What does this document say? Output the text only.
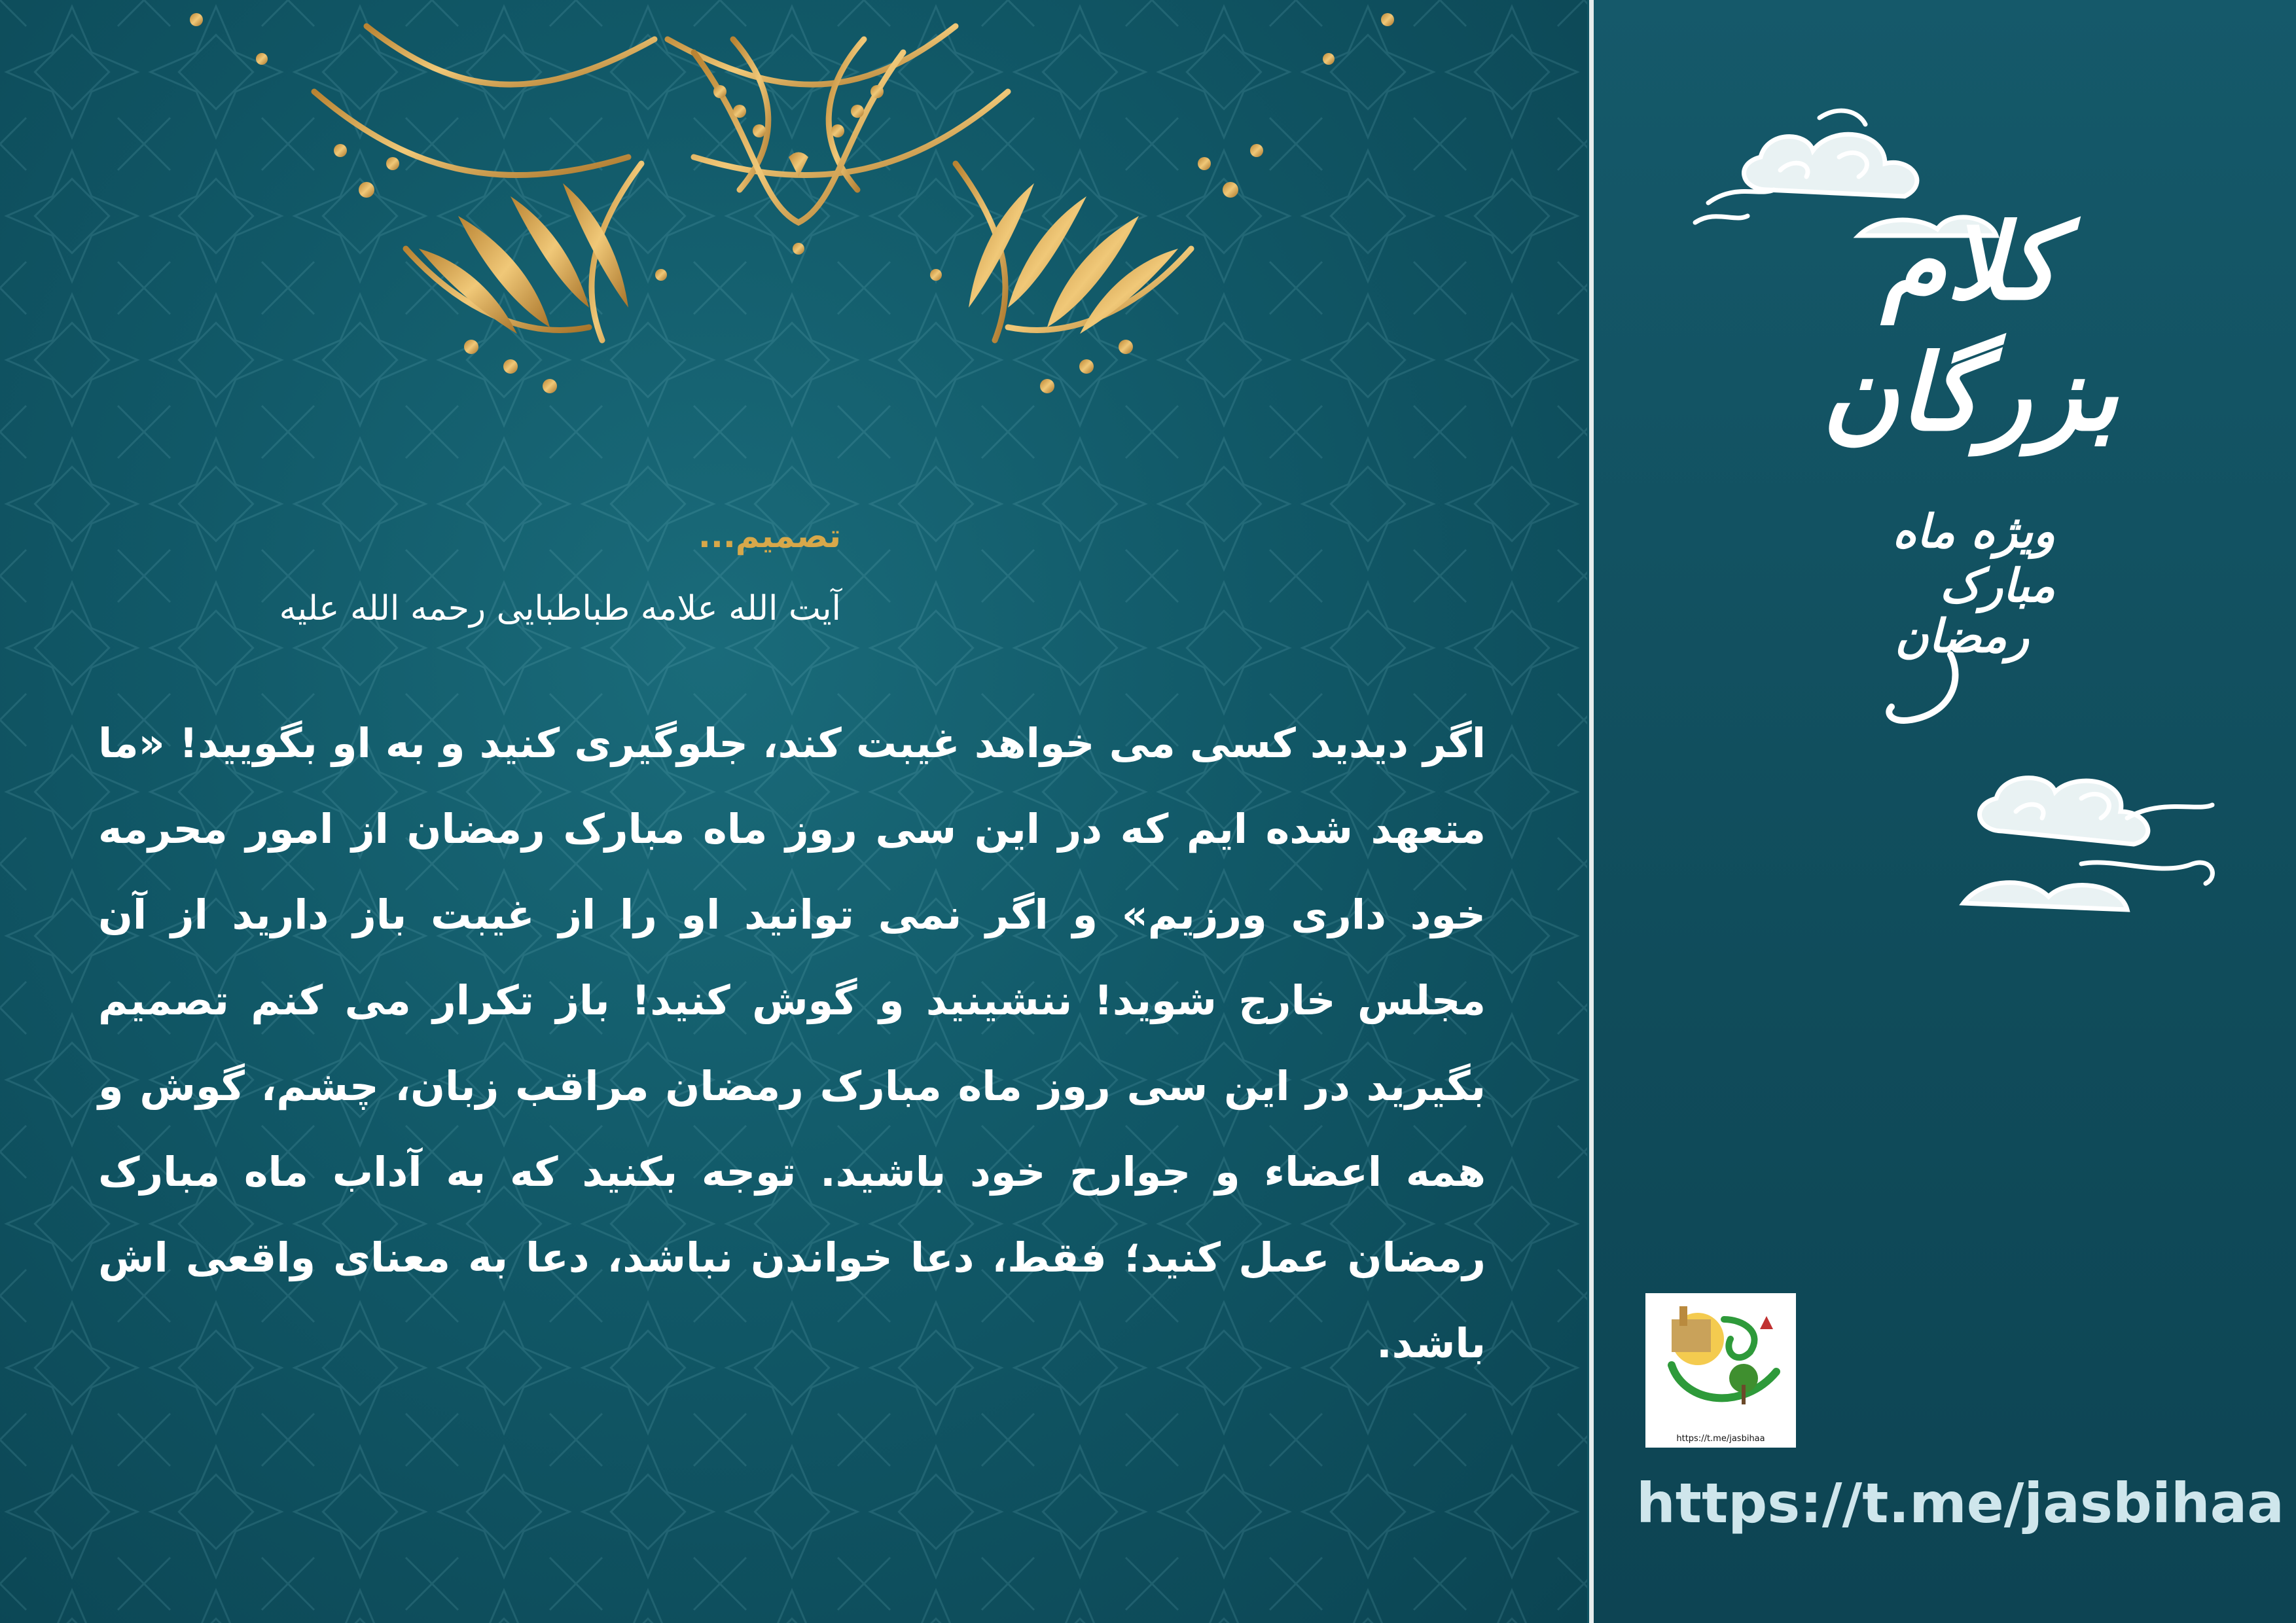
تصمیم...
آیت الله علامه طباطبایی رحمه الله علیه
اگر دیدید کسی می خواهد غیبت کند، جلوگیری کنید و به او بگویید! «ما متعهد شده ایم که در این سی روز ماه مبارک رمضان از امور محرمه خود داری ورزیم» و اگر نمی توانید او را از غیبت باز دارید از آن مجلس خارج شوید! ننشینید و گوش کنید! باز تکرار می کنم تصمیم بگیرید در این سی روز ماه مبارک رمضان مراقب زبان، چشم، گوش و همه اعضاء و جوارح خود باشید. توجه بکنید که به آداب ماه مبارک رمضان عمل کنید؛ فقط، دعا خواندن نباشد، دعا به معنای واقعی اش باشد.
کلام بزرگان
ویژه ماه مبارک
رمضان
https://t.me/jasbihaa
https://t.me/jasbihaa
